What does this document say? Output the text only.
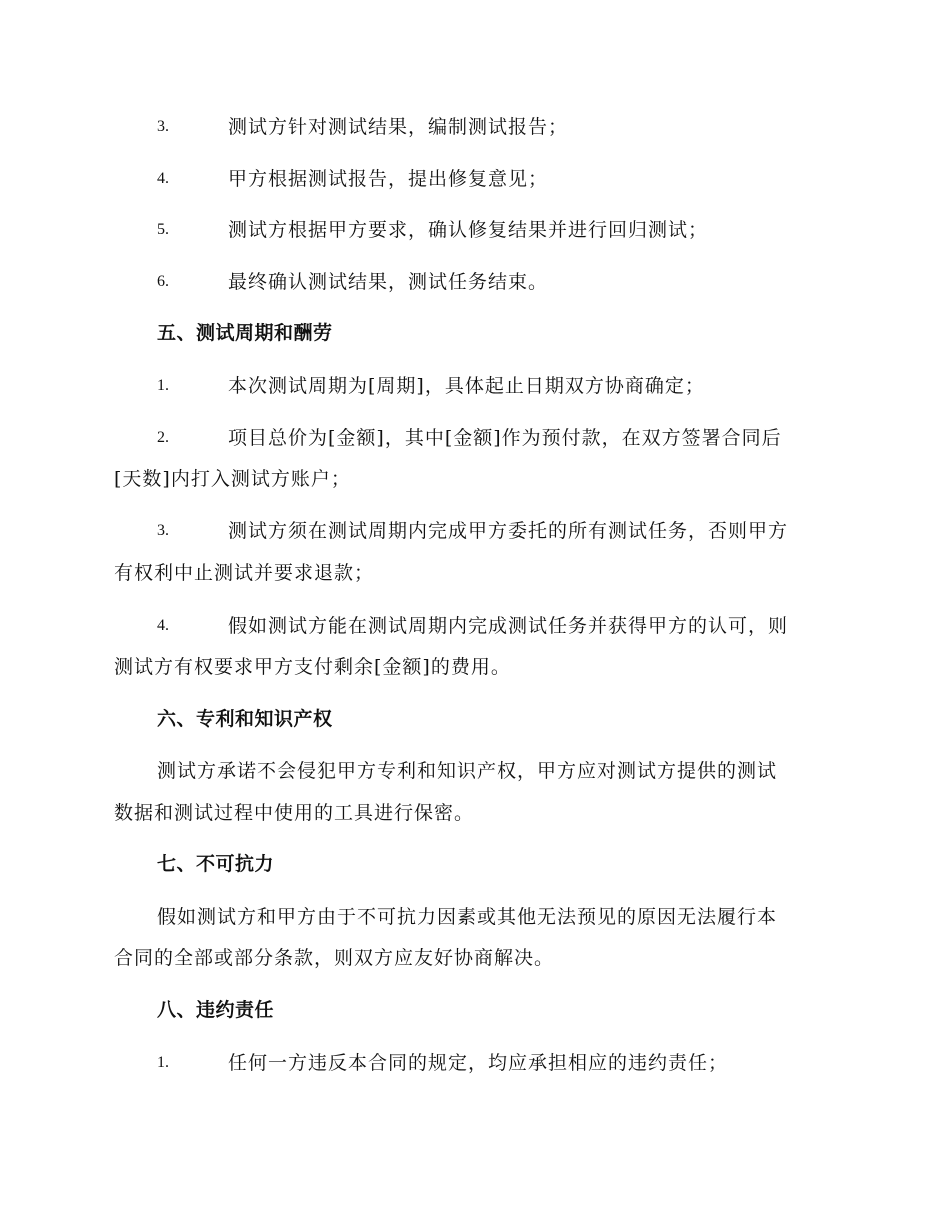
3.	测试方针对测试结果，编制测试报告；
4.	甲方根据测试报告，提出修复意见；
5.	测试方根据甲方要求，确认修复结果并进行回归测试；
6.	最终确认测试结果，测试任务结束。
五、测试周期和酬劳
1.	本次测试周期为[周期]，具体起止日期双方协商确定；
2.	项目总价为[金额]，其中[金额]作为预付款，在双方签署合同后
[天数]内打入测试方账户；
3.	测试方须在测试周期内完成甲方委托的所有测试任务，否则甲方
有权利中止测试并要求退款；
4.	假如测试方能在测试周期内完成测试任务并获得甲方的认可，则
测试方有权要求甲方支付剩余[金额]的费用。
六、专利和知识产权
测试方承诺不会侵犯甲方专利和知识产权，甲方应对测试方提供的测试
数据和测试过程中使用的工具进行保密。
七、不可抗力
假如测试方和甲方由于不可抗力因素或其他无法预见的原因无法履行本
合同的全部或部分条款，则双方应友好协商解决。
八、违约责任
1.	任何一方违反本合同的规定，均应承担相应的违约责任；
